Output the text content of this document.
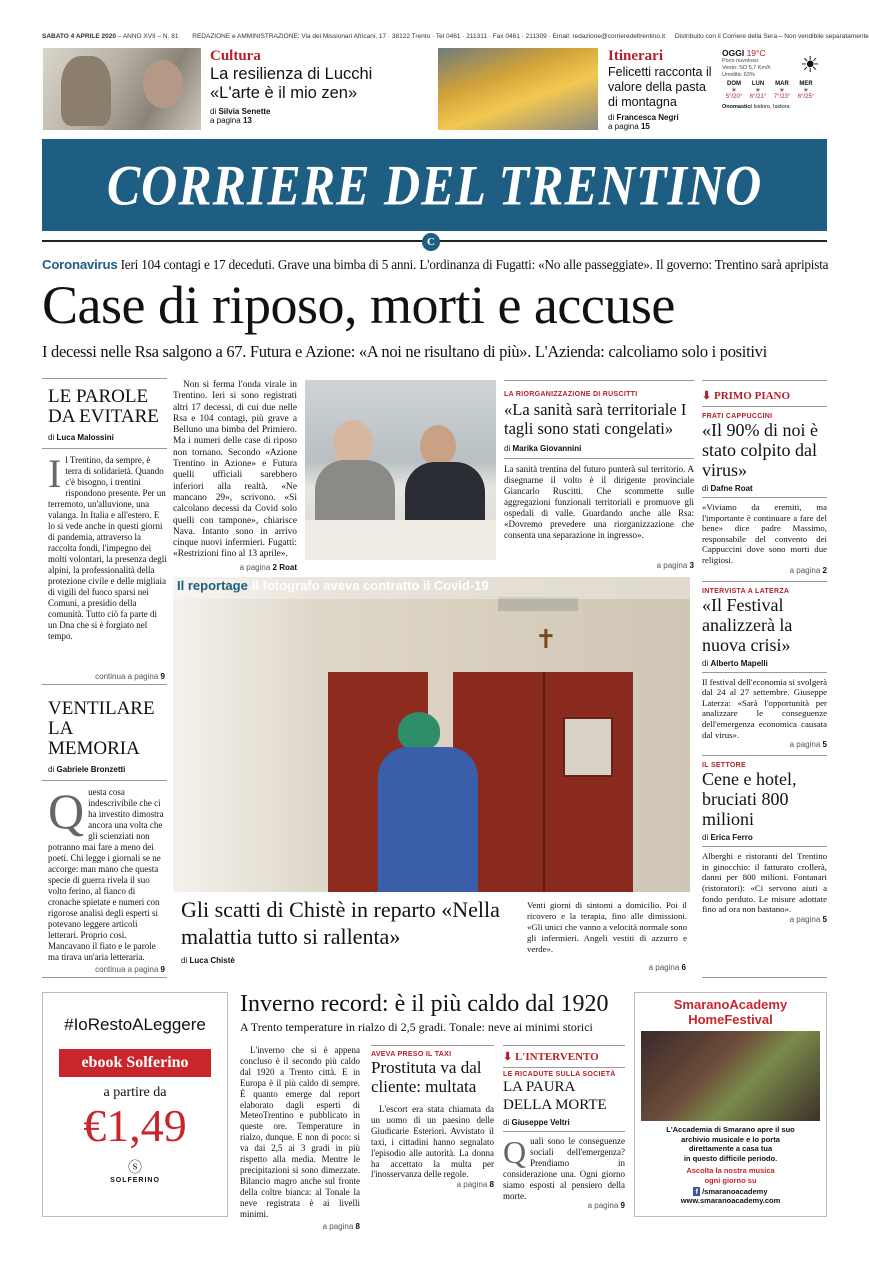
SABATO 4 APRILE 2020 – ANNO XVII – N. 81 REDAZIONE e AMMINISTRAZIONE: Via dei Missionari Africani, 17 · 38122 Trento · Tel 0461 · 211311 · Fax 0461 · 211309 · Email: redazione@corrieredeltrentino.it Distribuito con il Corriere della Sera – Non vendibile separatamente
Cultura
La resilienza di Lucchi «L'arte è il mio zen»
di Silvia Senette
a pagina 13
Itinerari
Felicetti racconta il valore della pasta di montagna
di Francesca Negri
a pagina 15
OGGI 19°C
Poco nuvoloso
Vento: SO 5,7 Km/h
Umidità: 63%	☀
DOM	LUN	MAR	MER
☀	☀	☀	☀
5°/20°	6°/21°	7°/23°	6°/25°
Onomastici Isidoro, Isidora
CORRIERE DEL TRENTINO
C
Coronavirus Ieri 104 contagi e 17 deceduti. Grave una bimba di 5 anni. L'ordinanza di Fugatti: «No alle passeggiate». Il governo: Trentino sarà apripista
Case di riposo, morti e accuse
I decessi nelle Rsa salgono a 67. Futura e Azione: «A noi ne risultano di più». L'Azienda: calcoliamo solo i positivi
LE PAROLE DA EVITARE
di Luca Malossini
Il Trentino, da sempre, è terra di solidarietà. Quando c'è bisogno, i trentini rispondono presente. Per un terremoto, un'alluvione, una valanga. In Italia e all'estero. E lo si vede anche in questi giorni di pandemia, attraverso la raccolta fondi, l'impegno dei molti volontari, la presenza degli alpini, la professionalità della protezione civile e delle migliaia di vigili del fuoco sparsi nei Comuni, a presidio della comunità. Tutto ciò fa parte di un Dna che si è forgiato nel tempo.
continua a pagina 9
VENTILARE LA MEMORIA
di Gabriele Bronzetti
Questa cosa indescrivibile che ci ha investito dimostra ancora una volta che gli scienziati non potranno mai fare a meno dei poeti. Chi legge i giornali se ne accorge: man mano che questa specie di guerra rivela il suo volto ferino, al fianco di cronache spietate e numeri con rigorose analisi degli esperti si potevano leggere articoli letterari. Proprio così. Mancavano il fiato e le parole ma tirava un'aria letteraria.
continua a pagina 9
Non si ferma l'onda virale in Trentino. Ieri si sono registrati altri 17 decessi, di cui due nelle Rsa e 104 contagi, più grave a Belluno una bimba del Primiero. Ma i numeri delle case di riposo non tornano. Secondo «Azione Trentino in Azione» e Futura quelli ufficiali sarebbero inferiori alla realtà. «Ne mancano 29», scrivono. «Si calcolano decessi da Covid solo quelli con tampone», chiarisce Nava. Intanto sono in arrivo cinque nuovi infermieri. Fugatti: «Restrizioni fino al 13 aprile».
a pagina 2 Roat
LA RIORGANIZZAZIONE DI RUSCITTI
«La sanità sarà territoriale I tagli sono stati congelati»
di Marika Giovannini
La sanità trentina del futuro punterà sul territorio. A disegnarne il volto è il dirigente provinciale Giancarlo Ruscitti. Che scommette sulle aggregazioni funzionali territoriali e promuove gli ospedali di valle. Guardando anche alle Rsa: «Dovremo prevedere una riorganizzazione che consenta una separazione in ingresso».
a pagina 3
✝
Il reportage Il fotografo aveva contratto il Covid-19
Gli scatti di Chistè in reparto «Nella malattia tutto si rallenta»
di Luca Chistè
Venti giorni di sintomi a domicilio. Poi il ricovero e la terapia, fino alle dimissioni. «Gli unici che vanno a velocità normale sono gli infermieri. Angeli vestiti di azzurro e verde».
a pagina 6
⬇ PRIMO PIANO
FRATI CAPPUCCINI
«Il 90% di noi è stato colpito dal virus»
di Dafne Roat
«Viviamo da eremiti, ma l'importante è continuare a fare del bene» dice padre Massimo, responsabile del convento dei Cappuccini dove sono morti due religiosi.
a pagina 2
INTERVISTA A LATERZA
«Il Festival analizzerà la nuova crisi»
di Alberto Mapelli
Il festival dell'economia si svolgerà dal 24 al 27 settembre. Giuseppe Laterza: «Sarà l'opportunità per analizzare le conseguenze dell'emergenza economica causata dal virus».
a pagina 5
IL SETTORE
Cene e hotel, bruciati 800 milioni
di Erica Ferro
Alberghi e ristoranti del Trentino in ginocchio: il fatturato crollerà, danni per 800 milioni. Fontanari (ristoratori): «Ci servono aiuti a fondo perduto. Le misure adottate fino ad ora non bastano».
a pagina 5
#IoRestoALeggere
ebook Solferino
a partire da
€1,49
ⓢ
SOLFERINO
Inverno record: è il più caldo dal 1920
A Trento temperature in rialzo di 2,5 gradi. Tonale: neve ai minimi storici
L'inverno che si è appena concluso è il secondo più caldo dal 1920 a Trento città. E in Europa è il più caldo di sempre. È quanto emerge dal report elaborato dagli esperti di MeteoTrentino e pubblicato in queste ore. Temperature in rialzo, dunque. E non di poco: si va dai 2,5 ai 3 gradi in più rispetto alla media. Mentre le precipitazioni si sono dimezzate. Bilancio magro anche sul fronte della coltre bianca: al Tonale la neve registrata è ai livelli minimi.
a pagina 8
AVEVA PRESO IL TAXI
Prostituta va dal cliente: multata
L'escort era stata chiamata da un uomo di un paesino delle Giudicarie Esteriori. Avvistato il taxi, i cittadini hanno segnalato l'episodio alle autorità. La donna ha accettato la multa per l'inosservanza delle regole.
a pagina 8
⬇ L'INTERVENTO
LE RICADUTE SULLA SOCIETÀ
LA PAURA DELLA MORTE
di Giuseppe Veltri
Quali sono le conseguenze sociali dell'emergenza? Prendiamo in considerazione una. Ogni giorno siamo esposti al pensiero della morte.
a pagina 9
SmaranoAcademy
HomeFestival
L'Accademia di Smarano apre il suo
archivio musicale e lo porta
direttamente a casa tua
in questo difficile periodo.
Ascolta la nostra musica
ogni giorno su
f /smaranoacademy
www.smaranoacademy.com
